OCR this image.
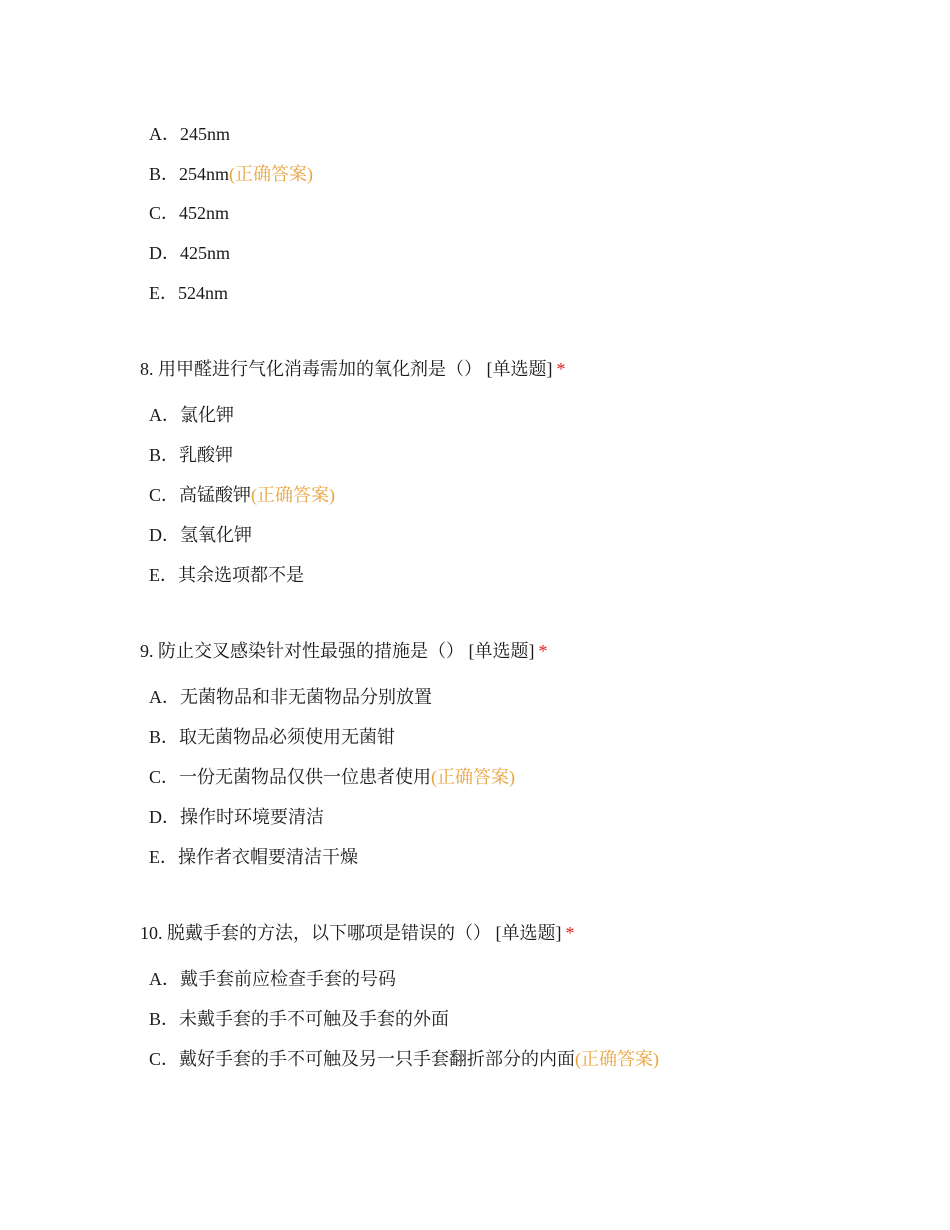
A．245nm
B．254nm(正确答案)
C．452nm
D．425nm
E．524nm
8. 用甲醛进行气化消毒需加的氧化剂是（） [单选题] *
A．氯化钾
B．乳酸钾
C．高锰酸钾(正确答案)
D．氢氧化钾
E．其余选项都不是
9. 防止交叉感染针对性最强的措施是（） [单选题] *
A．无菌物品和非无菌物品分别放置
B．取无菌物品必须使用无菌钳
C．一份无菌物品仅供一位患者使用(正确答案)
D．操作时环境要清洁
E．操作者衣帽要清洁干燥
10. 脱戴手套的方法，以下哪项是错误的（） [单选题] *
A．戴手套前应检查手套的号码
B．未戴手套的手不可触及手套的外面
C．戴好手套的手不可触及另一只手套翻折部分的内面(正确答案)
